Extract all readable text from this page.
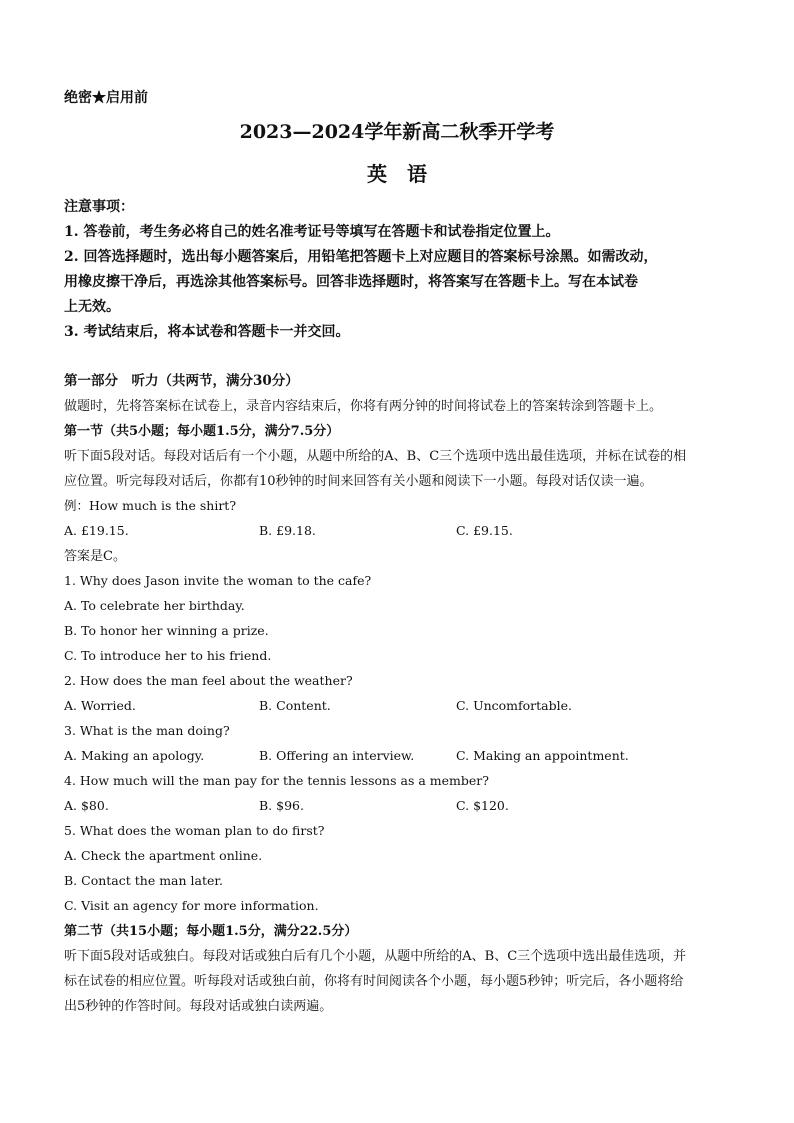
绝密★启用前
2023—2024学年新高二秋季开学考
英语
注意事项：
1. 答卷前，考生务必将自己的姓名准考证号等填写在答题卡和试卷指定位置上。
2. 回答选择题时，选出每小题答案后，用铅笔把答题卡上对应题目的答案标号涂黑。如需改动，
用橡皮擦干净后，再选涂其他答案标号。回答非选择题时，将答案写在答题卡上。写在本试卷
上无效。
3. 考试结束后，将本试卷和答题卡一并交回。
第一部分　听力（共两节，满分30分）
做题时，先将答案标在试卷上，录音内容结束后，你将有两分钟的时间将试卷上的答案转涂到答题卡上。
第一节（共5小题；每小题1.5分，满分7.5分）
听下面5段对话。每段对话后有一个小题，从题中所给的A、B、C三个选项中选出最佳选项，并标在试卷的相
应位置。听完每段对话后，你都有10秒钟的时间来回答有关小题和阅读下一小题。每段对话仅读一遍。
例：How much is the shirt?
A. £19.15.	B. £9.18.	C. £9.15.
答案是C。
1. Why does Jason invite the woman to the cafe?
A. To celebrate her birthday.
B. To honor her winning a prize.
C. To introduce her to his friend.
2. How does the man feel about the weather?
A. Worried.	B. Content.	C. Uncomfortable.
3. What is the man doing?
A. Making an apology.	B. Offering an interview.	C. Making an appointment.
4. How much will the man pay for the tennis lessons as a member?
A. $80.	B. $96.	C. $120.
5. What does the woman plan to do first?
A. Check the apartment online.
B. Contact the man later.
C. Visit an agency for more information.
第二节（共15小题；每小题1.5分，满分22.5分）
听下面5段对话或独白。每段对话或独白后有几个小题，从题中所给的A、B、C三个选项中选出最佳选项，并
标在试卷的相应位置。听每段对话或独白前，你将有时间阅读各个小题，每小题5秒钟；听完后，各小题将给
出5秒钟的作答时间。每段对话或独白读两遍。
